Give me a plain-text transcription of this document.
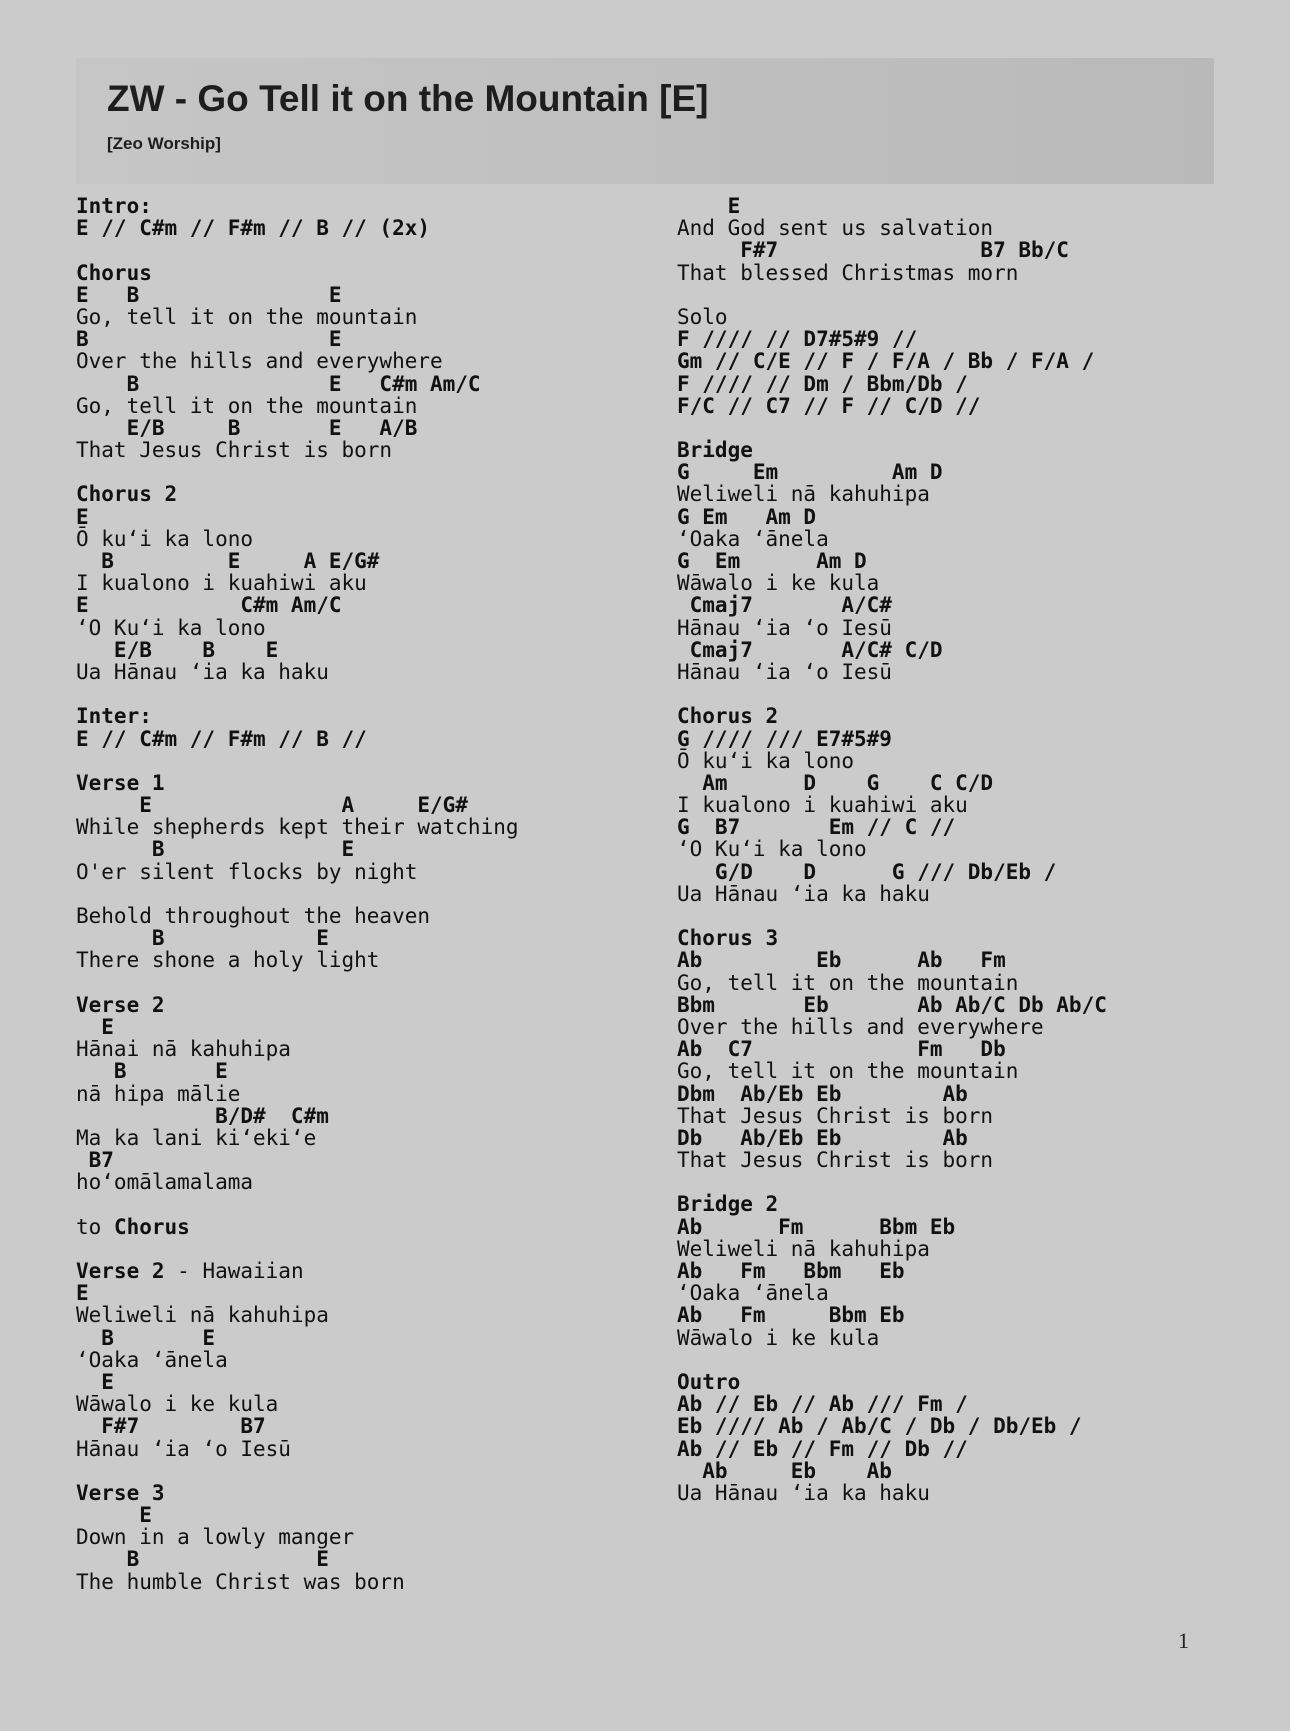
ZW - Go Tell it on the Mountain [E]
[Zeo Worship]
Intro:
E // C#m // F#m // B // (2x)
Chorus
E   B               E
Go, tell it on the mountain
B                   E
Over the hills and everywhere
B               E   C#m Am/C
Go, tell it on the mountain
E/B     B       E   A/B
That Jesus Christ is born
Chorus 2
E
Ō kuʻi ka lono
B         E     A E/G#
I kualono i kuahiwi aku
E            C#m Am/C
ʻO Kuʻi ka lono
E/B    B    E
Ua Hānau ʻia ka haku
Inter:
E // C#m // F#m // B //
Verse 1
E               A     E/G#
While shepherds kept their watching
B              E
O'er silent flocks by night
Behold throughout the heaven
B            E
There shone a holy light
Verse 2
E
Hānai nā kahuhipa
B       E
nā hipa mālie
B/D#  C#m
Ma ka lani kiʻekiʻe
B7
hoʻomālamalama
to Chorus
Verse 2 - Hawaiian
E
Weliweli nā kahuhipa
B       E
ʻOaka ʻānela
E
Wāwalo i ke kula
F#7        B7
Hānau ʻia ʻo Iesū
Verse 3
E
Down in a lowly manger
B              E
The humble Christ was born
E
And God sent us salvation
F#7                B7 Bb/C
That blessed Christmas morn
Solo
F //// // D7#5#9 //
Gm // C/E // F / F/A / Bb / F/A /
F //// // Dm / Bbm/Db /
F/C // C7 // F // C/D //
Bridge
G     Em         Am D
Weliweli nā kahuhipa
G Em   Am D
ʻOaka ʻānela
G  Em      Am D
Wāwalo i ke kula
Cmaj7       A/C#
Hānau ʻia ʻo Iesū
Cmaj7       A/C# C/D
Hānau ʻia ʻo Iesū
Chorus 2
G //// /// E7#5#9
Ō kuʻi ka lono
Am      D    G    C C/D
I kualono i kuahiwi aku
G  B7       Em // C //
ʻO Kuʻi ka lono
G/D    D      G /// Db/Eb /
Ua Hānau ʻia ka haku
Chorus 3
Ab         Eb      Ab   Fm
Go, tell it on the mountain
Bbm       Eb       Ab Ab/C Db Ab/C
Over the hills and everywhere
Ab  C7             Fm   Db
Go, tell it on the mountain
Dbm  Ab/Eb Eb        Ab
That Jesus Christ is born
Db   Ab/Eb Eb        Ab
That Jesus Christ is born
Bridge 2
Ab      Fm      Bbm Eb
Weliweli nā kahuhipa
Ab   Fm   Bbm   Eb
ʻOaka ʻānela
Ab   Fm     Bbm Eb
Wāwalo i ke kula
Outro
Ab // Eb // Ab /// Fm /
Eb //// Ab / Ab/C / Db / Db/Eb /
Ab // Eb // Fm // Db //
Ab     Eb    Ab
Ua Hānau ʻia ka haku
1
